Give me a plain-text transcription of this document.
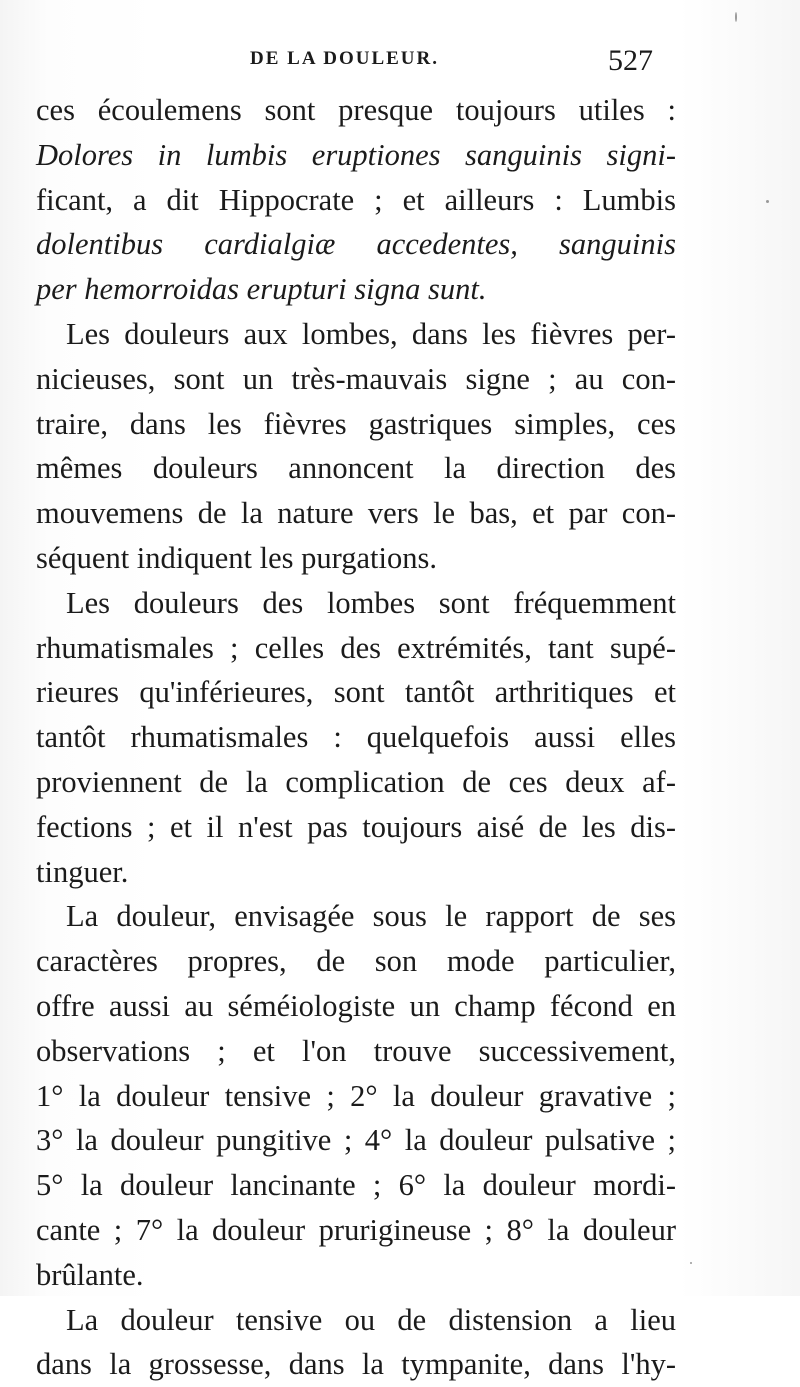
DE LA DOULEUR.	527
ces écoulemens sont presque toujours utiles :
Dolores in lumbis eruptiones sanguinis signi-
ficant, a dit Hippocrate ; et ailleurs : Lumbis
dolentibus cardialgiæ accedentes, sanguinis
per hemorroidas erupturi signa sunt.
Les douleurs aux lombes, dans les fièvres per-
nicieuses, sont un très-mauvais signe ; au con-
traire, dans les fièvres gastriques simples, ces
mêmes douleurs annoncent la direction des
mouvemens de la nature vers le bas, et par con-
séquent indiquent les purgations.
Les douleurs des lombes sont fréquemment
rhumatismales ; celles des extrémités, tant supé-
rieures qu'inférieures, sont tantôt arthritiques et
tantôt rhumatismales : quelquefois aussi elles
proviennent de la complication de ces deux af-
fections ; et il n'est pas toujours aisé de les dis-
tinguer.
La douleur, envisagée sous le rapport de ses
caractères propres, de son mode particulier,
offre aussi au séméiologiste un champ fécond en
observations ; et l'on trouve successivement,
1° la douleur tensive ; 2° la douleur gravative ;
3° la douleur pungitive ; 4° la douleur pulsative ;
5° la douleur lancinante ; 6° la douleur mordi-
cante ; 7° la douleur prurigineuse ; 8° la douleur
brûlante.
La douleur tensive ou de distension a lieu
dans la grossesse, dans la tympanite, dans l'hy-
